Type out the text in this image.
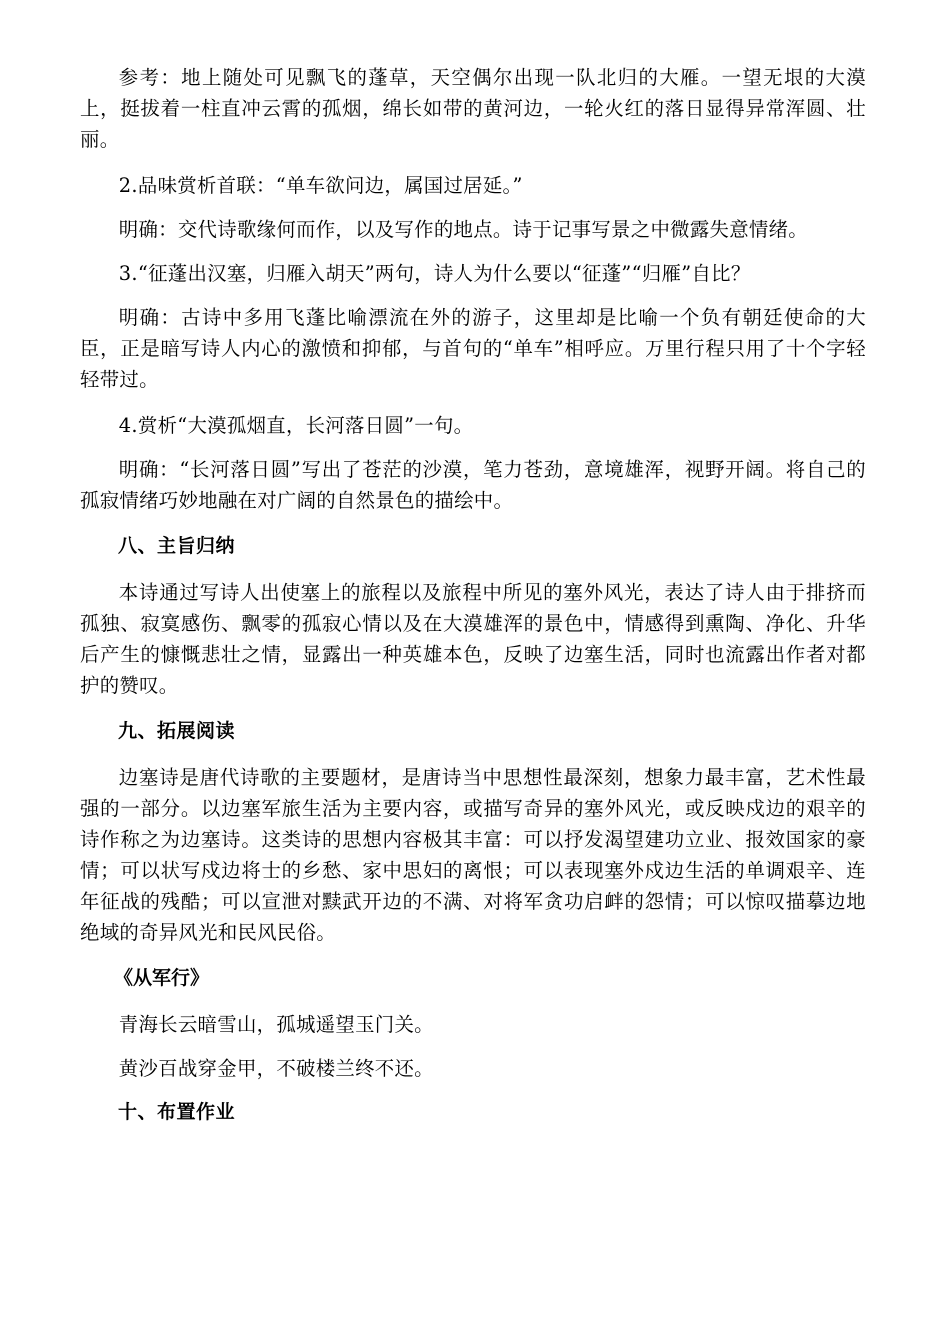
参考：地上随处可见飘飞的蓬草，天空偶尔出现一队北归的大雁。一望无垠的大漠上，挺拔着一柱直冲云霄的孤烟，绵长如带的黄河边，一轮火红的落日显得异常浑圆、壮丽。

2.品味赏析首联：“单车欲问边，属国过居延。”

明确：交代诗歌缘何而作，以及写作的地点。诗于记事写景之中微露失意情绪。

3.“征蓬出汉塞，归雁入胡天”两句，诗人为什么要以“征蓬”“归雁”自比？

明确：古诗中多用飞蓬比喻漂流在外的游子，这里却是比喻一个负有朝廷使命的大臣，正是暗写诗人内心的激愤和抑郁，与首句的“单车”相呼应。万里行程只用了十个字轻轻带过。

4.赏析“大漠孤烟直，长河落日圆”一句。

明确：“长河落日圆”写出了苍茫的沙漠，笔力苍劲，意境雄浑，视野开阔。将自己的孤寂情绪巧妙地融在对广阔的自然景色的描绘中。

八、主旨归纳

本诗通过写诗人出使塞上的旅程以及旅程中所见的塞外风光，表达了诗人由于排挤而孤独、寂寞感伤、飘零的孤寂心情以及在大漠雄浑的景色中，情感得到熏陶、净化、升华后产生的慷慨悲壮之情，显露出一种英雄本色，反映了边塞生活，同时也流露出作者对都护的赞叹。

九、拓展阅读

边塞诗是唐代诗歌的主要题材，是唐诗当中思想性最深刻，想象力最丰富，艺术性最强的一部分。以边塞军旅生活为主要内容，或描写奇异的塞外风光，或反映戍边的艰辛的诗作称之为边塞诗。这类诗的思想内容极其丰富：可以抒发渴望建功立业、报效国家的豪情；可以状写戍边将士的乡愁、家中思妇的离恨；可以表现塞外戍边生活的单调艰辛、连年征战的残酷；可以宣泄对黩武开边的不满、对将军贪功启衅的怨情；可以惊叹描摹边地绝域的奇异风光和民风民俗。

《从军行》

青海长云暗雪山，孤城遥望玉门关。

黄沙百战穿金甲，不破楼兰终不还。

十、布置作业
